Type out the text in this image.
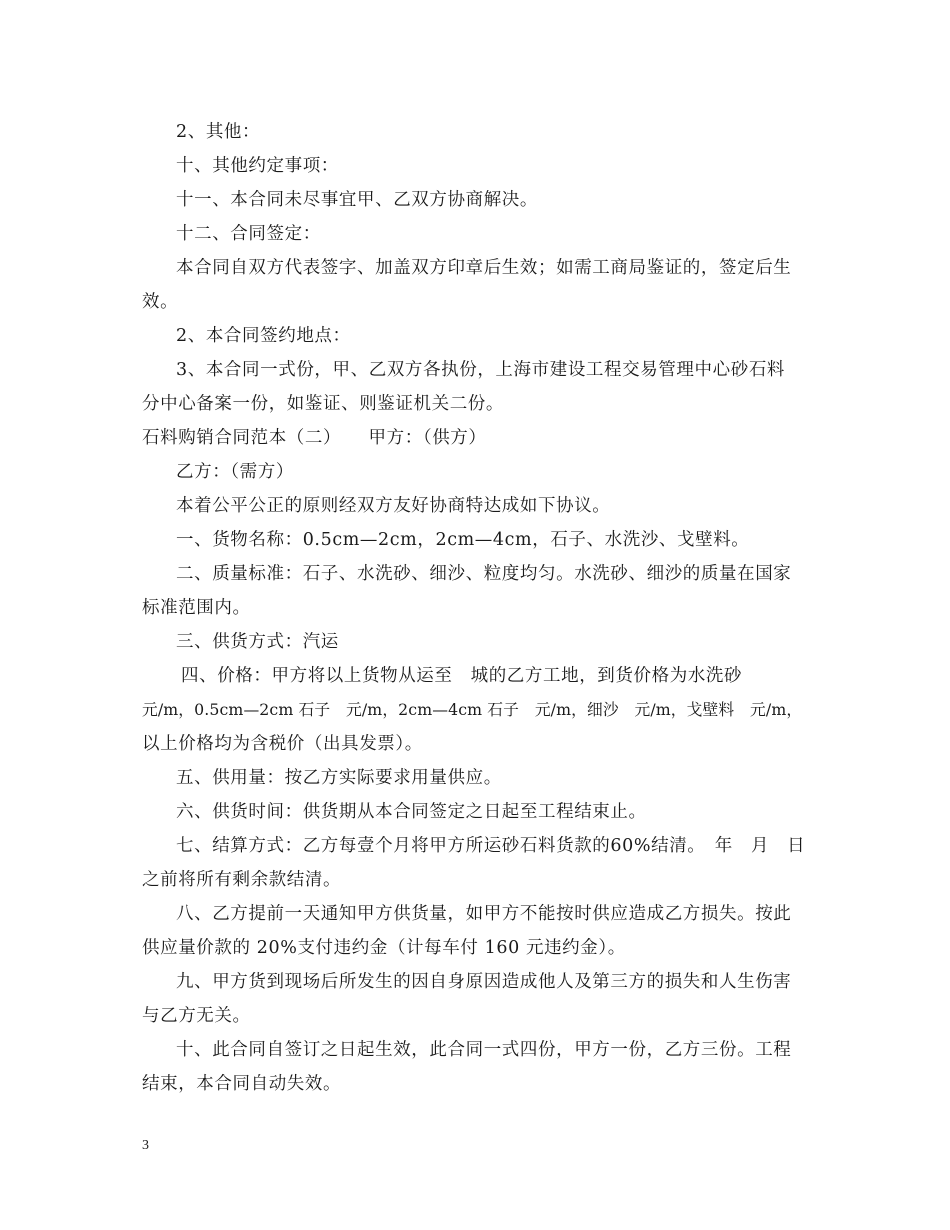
2、其他：
十、其他约定事项：
十一、本合同未尽事宜甲、乙双方协商解决。
十二、合同签定：
本合同自双方代表签字、加盖双方印章后生效；如需工商局鉴证的，签定后生
效。
2、本合同签约地点：
3、本合同一式份，甲、乙双方各执份，上海市建设工程交易管理中心砂石料
分中心备案一份，如鉴证、则鉴证机关二份。
石料购销合同范本（二）　　甲方：（供方）
乙方：（需方）
本着公平公正的原则经双方友好协商特达成如下协议。
一、货物名称：0.5cm—2cm，2cm—4cm，石子、水洗沙、戈壁料。
二、质量标准：石子、水洗砂、细沙、粒度均匀。水洗砂、细沙的质量在国家
标准范围内。
三、供货方式：汽运
四、价格：甲方将以上货物从运至　城的乙方工地，到货价格为水洗砂
元/m，0.5cm—2cm 石子　元/m，2cm—4cm 石子　元/m，细沙　元/m，戈壁料　元/m，
以上价格均为含税价（出具发票）。
五、供用量：按乙方实际要求用量供应。
六、供货时间：供货期从本合同签定之日起至工程结束止。
七、结算方式：乙方每壹个月将甲方所运砂石料货款的60%结清。　年　月　日
之前将所有剩余款结清。
八、乙方提前一天通知甲方供货量，如甲方不能按时供应造成乙方损失。按此
供应量价款的 20%支付违约金（计每车付 160 元违约金）。
九、甲方货到现场后所发生的因自身原因造成他人及第三方的损失和人生伤害
与乙方无关。
十、此合同自签订之日起生效，此合同一式四份，甲方一份，乙方三份。工程
结束，本合同自动失效。
3
